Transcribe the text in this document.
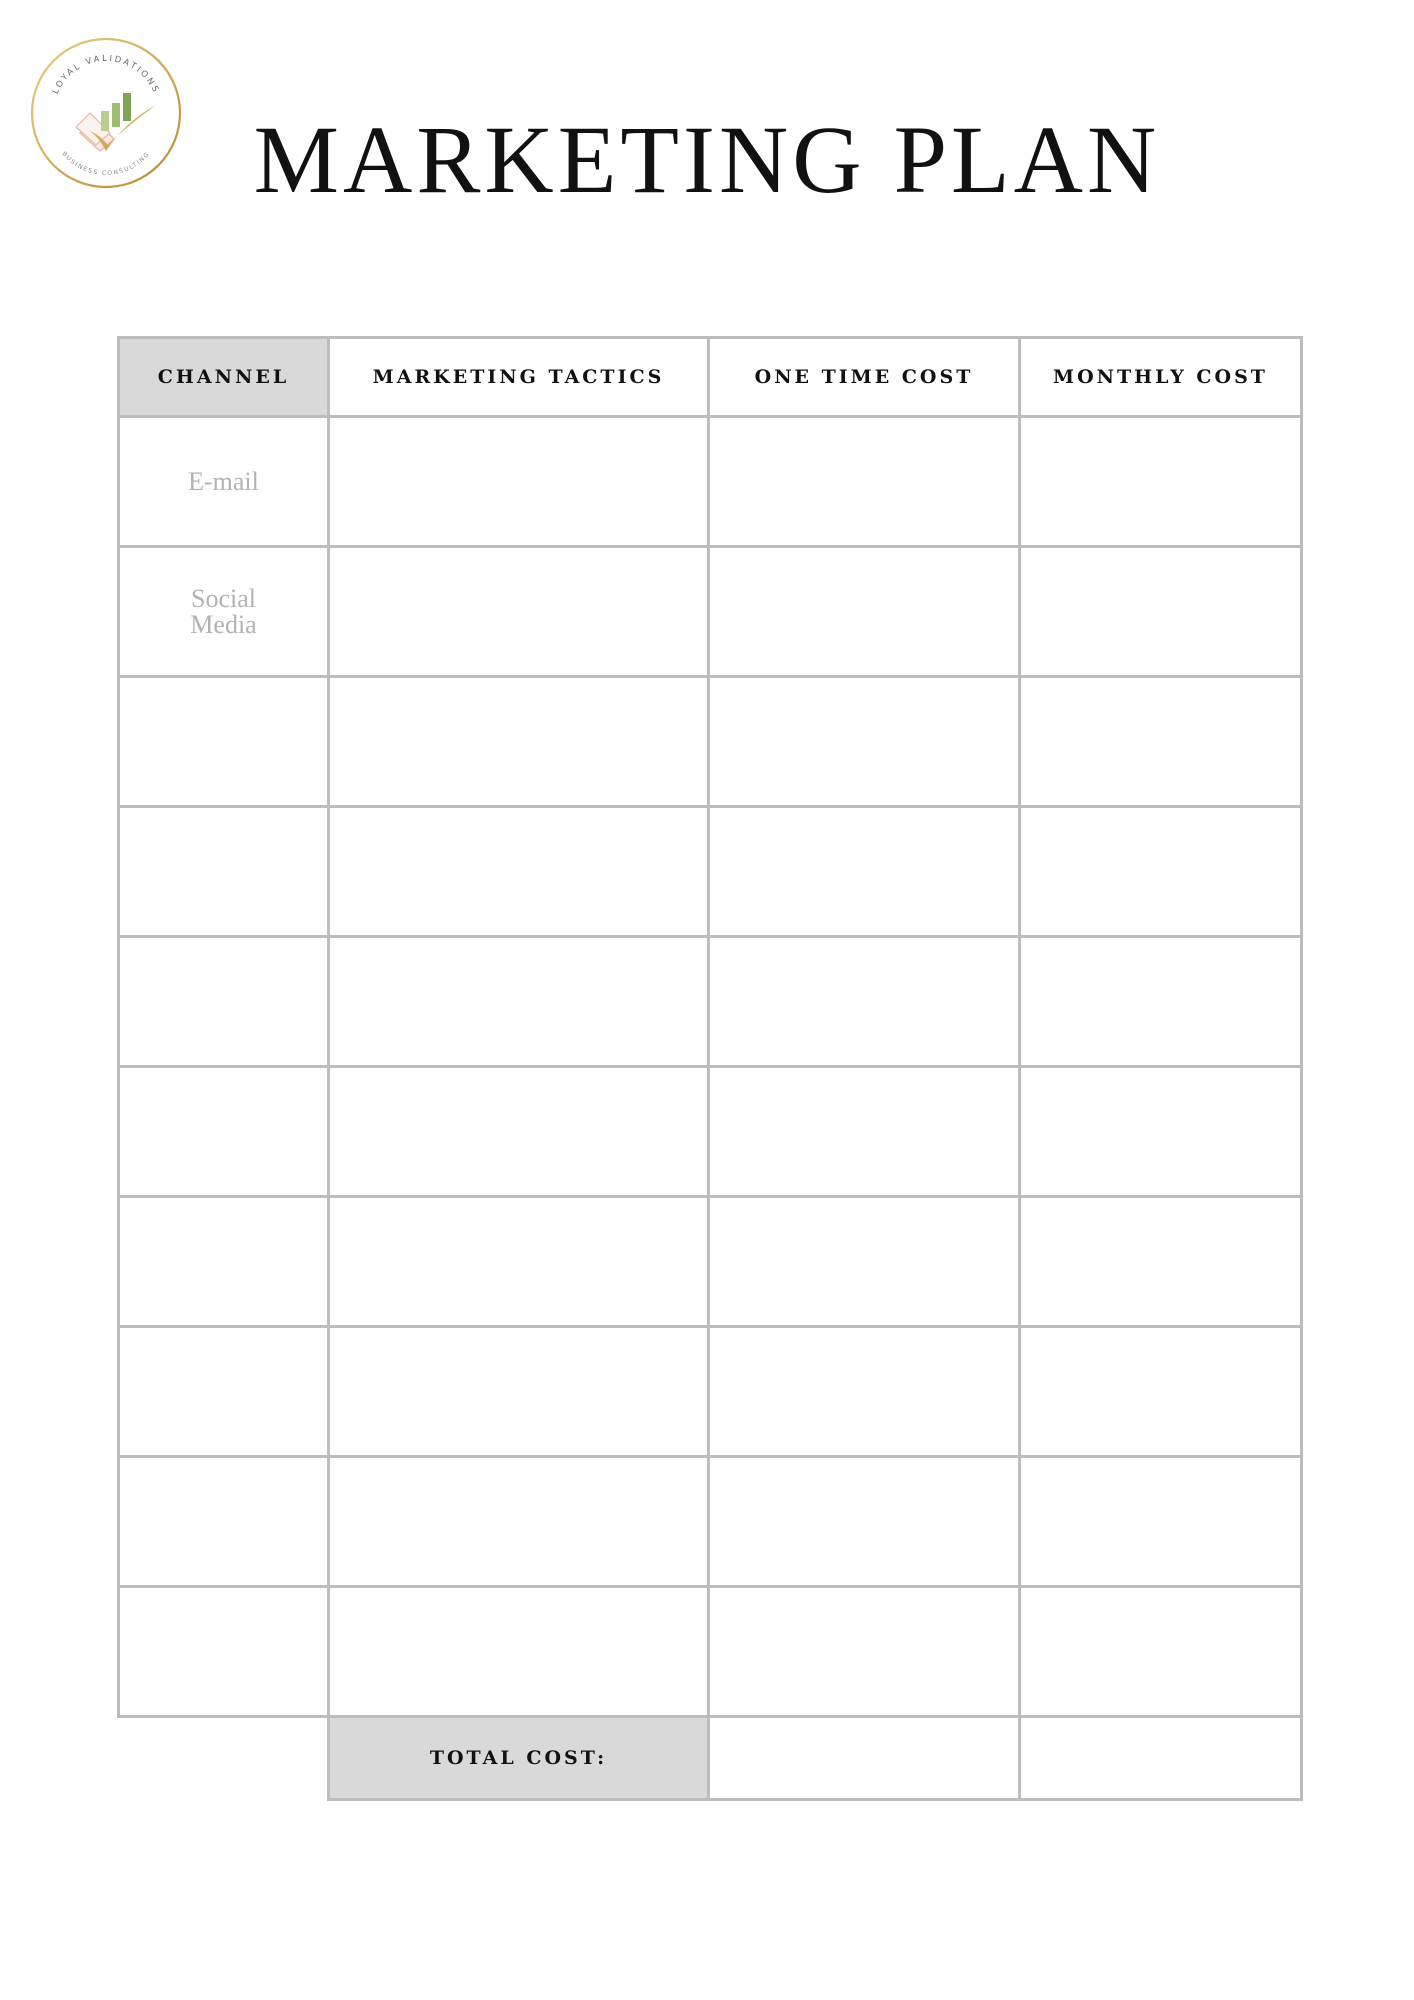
LOYAL VALIDATIONS
BUSINESS CONSULTING	MARKETING PLAN
CHANNEL	MARKETING TACTICS	ONE TIME COST	MONTHLY COST
E-mail			
Social Media			

	TOTAL COST:		
